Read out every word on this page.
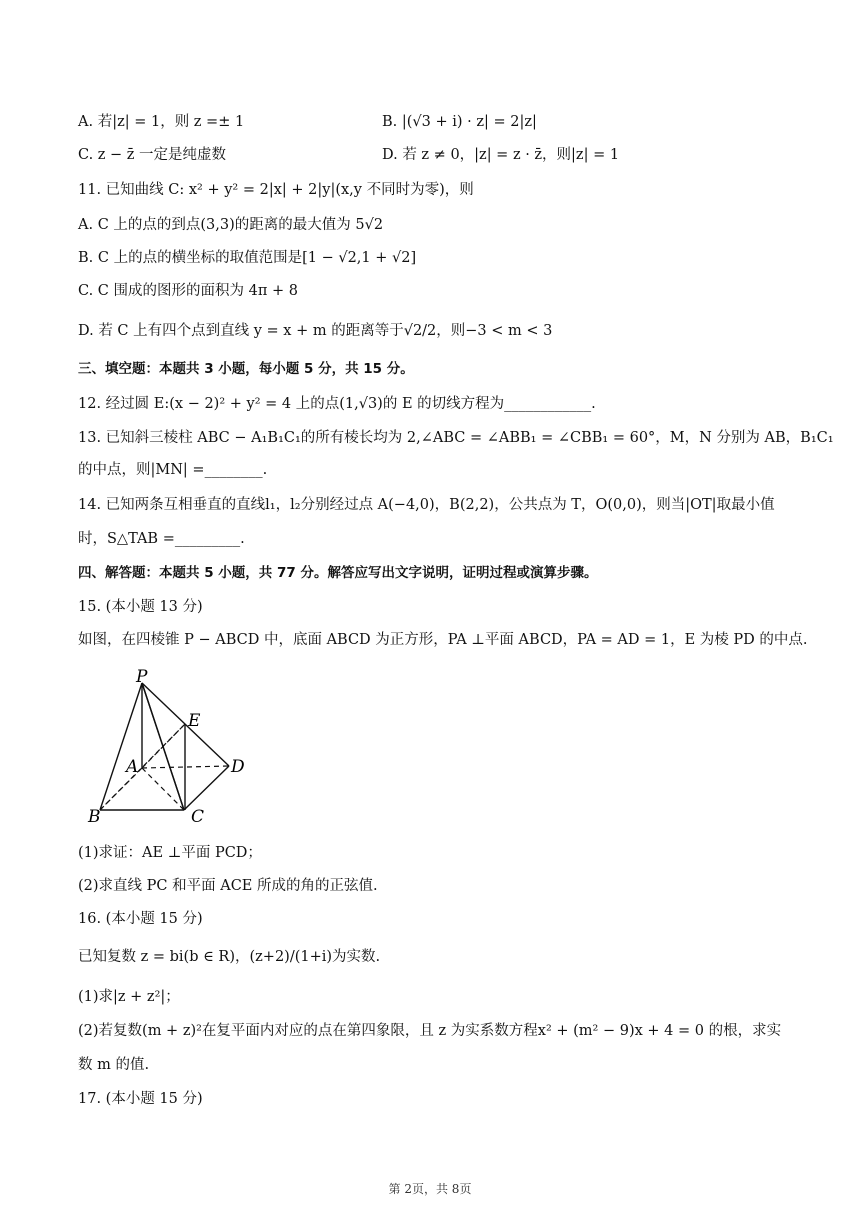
A. 若|z| = 1，则 z =± 1	B. |(√3 + i) · z| = 2|z|
C. z − z̄ 一定是纯虚数	D. 若 z ≠ 0，|z| = z · z̄，则|z| = 1
11. 已知曲线 C: x² + y² = 2|x| + 2|y|(x,y 不同时为零)，则
A. C 上的点的到点(3,3)的距离的最大值为 5√2
B. C 上的点的横坐标的取值范围是[1 − √2,1 + √2]
C. C 围成的图形的面积为 4π + 8
D. 若 C 上有四个点到直线 y = x + m 的距离等于√2/2，则−3 < m < 3
三、填空题：本题共 3 小题，每小题 5 分，共 15 分。
12. 经过圆 E:(x − 2)² + y² = 4 上的点(1,√3)的 E 的切线方程为____________.
13. 已知斜三棱柱 ABC − A₁B₁C₁的所有棱长均为 2,∠ABC = ∠ABB₁ = ∠CBB₁ = 60°，M，N 分别为 AB，B₁C₁
的中点，则|MN| =________.
14. 已知两条互相垂直的直线l₁，l₂分别经过点 A(−4,0)，B(2,2)，公共点为 T，O(0,0)，则当|OT|取最小值
时，S△TAB =_________.
四、解答题：本题共 5 小题，共 77 分。解答应写出文字说明，证明过程或演算步骤。
15. (本小题 13 分)
如图，在四棱锥 P − ABCD 中，底面 ABCD 为正方形，PA ⊥平面 ABCD，PA = AD = 1，E 为棱 PD 的中点.
P
E
A	D
B	C
(1)求证：AE ⊥平面 PCD；
(2)求直线 PC 和平面 ACE 所成的角的正弦值.
16. (本小题 15 分)
已知复数 z = bi(b ∈ R)，(z+2)/(1+i)为实数.
(1)求|z + z²|；
(2)若复数(m + z)²在复平面内对应的点在第四象限，且 z 为实系数方程x² + (m² − 9)x + 4 = 0 的根，求实
数 m 的值.
17. (本小题 15 分)
第 2页，共 8页
